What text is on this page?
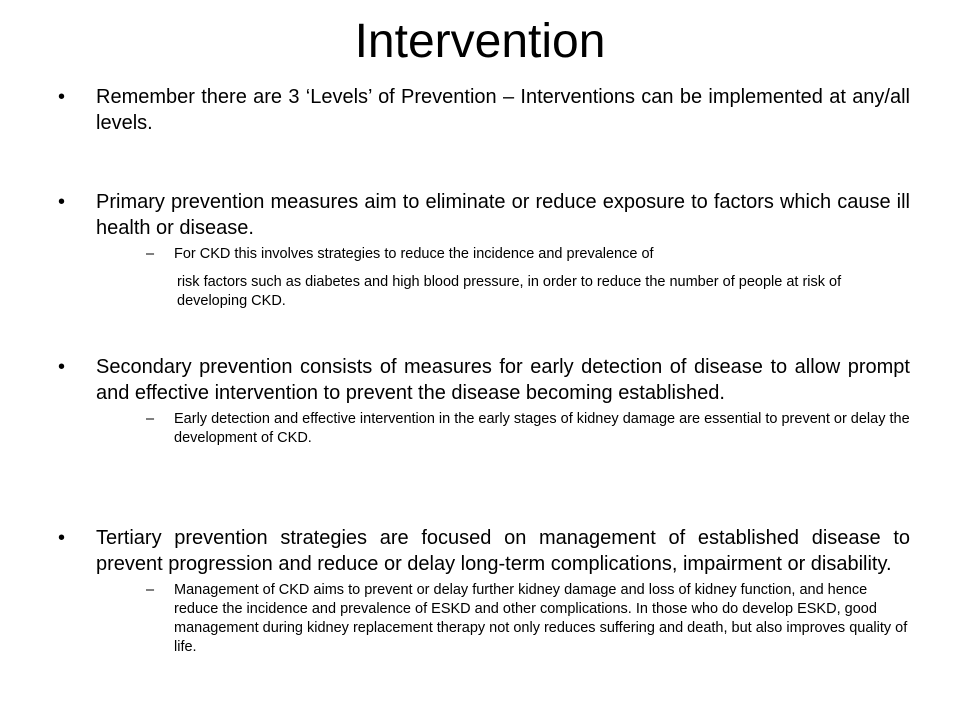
Intervention
• Remember there are 3 ‘Levels’ of Prevention – Interventions can be implemented at any/all levels.
• Primary prevention measures aim to eliminate or reduce exposure to factors which cause ill health or disease.
– For CKD this involves strategies to reduce the incidence and prevalence of
risk factors such as diabetes and high blood pressure, in order to reduce the number of people at risk of developing CKD.
• Secondary prevention consists of measures for early detection of disease to allow prompt and effective intervention to prevent the disease becoming established.
– Early detection and effective intervention in the early stages of kidney damage are essential to prevent or delay the development of CKD.
• Tertiary prevention strategies are focused on management of established disease to prevent progression and reduce or delay long-term complications, impairment or disability.
– Management of CKD aims to prevent or delay further kidney damage and loss of kidney function, and hence reduce the incidence and prevalence of ESKD and other complications. In those who do develop ESKD, good management during kidney replacement therapy not only reduces suffering and death, but also improves quality of life.
